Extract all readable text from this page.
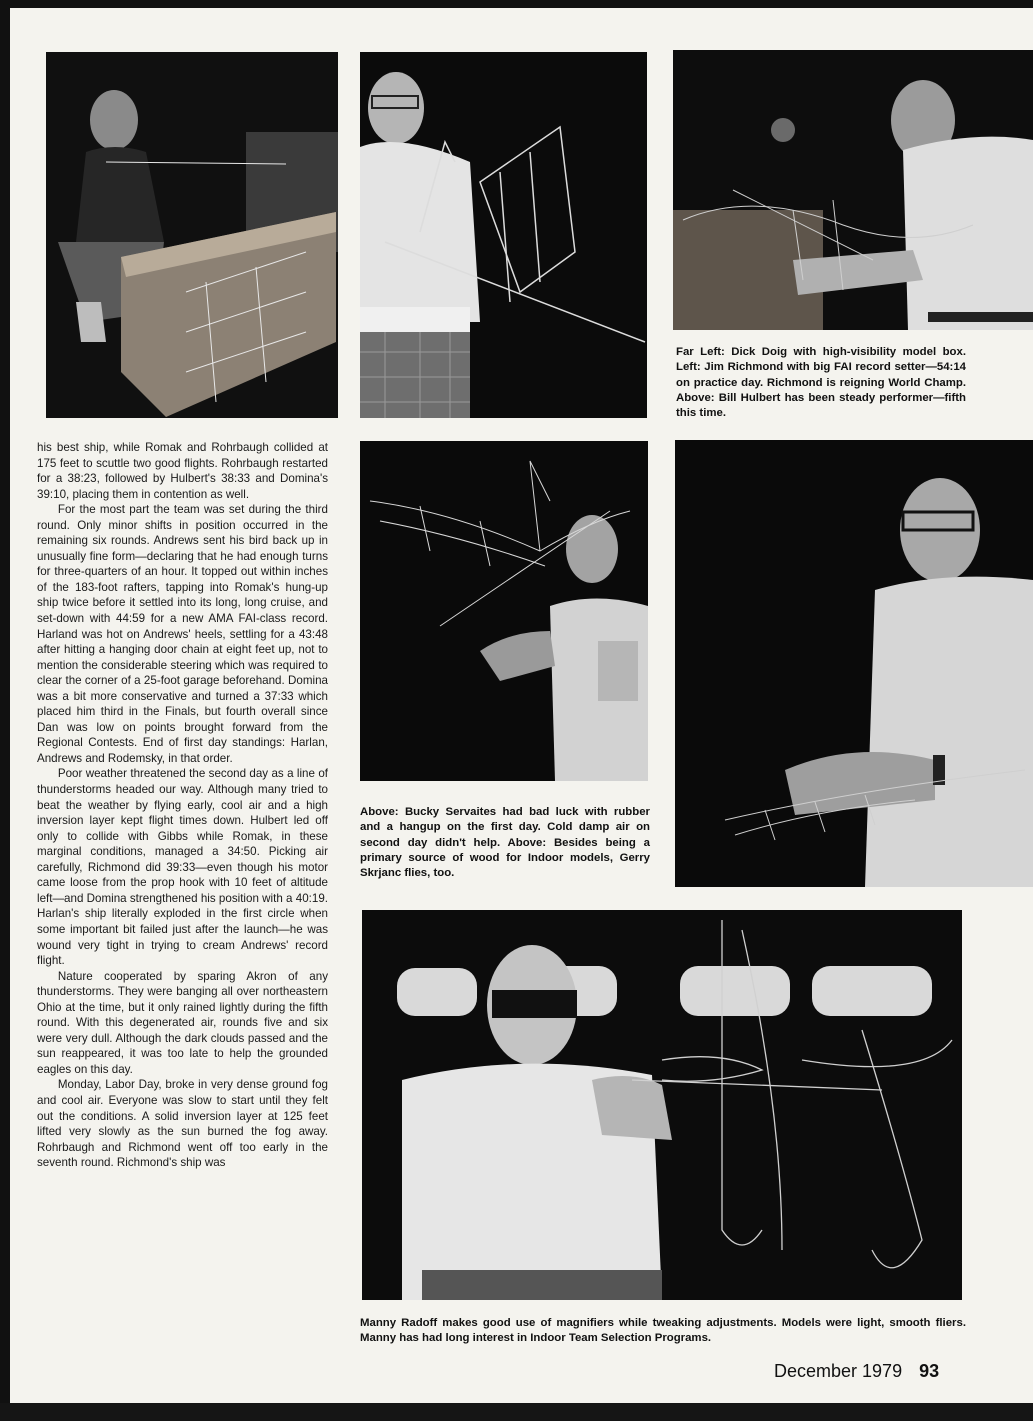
Far Left: Dick Doig with high-visibility model box. Left: Jim Richmond with big FAI record setter—54:14 on practice day. Richmond is reigning World Champ. Above: Bill Hulbert has been steady performer—fifth this time.
Above: Bucky Servaites had bad luck with rubber and a hangup on the first day. Cold damp air on second day didn't help. Above: Besides being a primary source of wood for Indoor models, Gerry Skrjanc flies, too.
Manny Radoff makes good use of magnifiers while tweaking adjustments. Models were light, smooth fliers. Manny has had long interest in Indoor Team Selection Programs.

his best ship, while Romak and Rohrbaugh collided at 175 feet to scuttle two good flights. Rohrbaugh restarted for a 38:23, followed by Hulbert's 38:33 and Domina's 39:10, placing them in contention as well.

For the most part the team was set during the third round. Only minor shifts in position occurred in the remaining six rounds. Andrews sent his bird back up in unusually fine form—declaring that he had enough turns for three-quarters of an hour. It topped out within inches of the 183-foot rafters, tapping into Romak's hung-up ship twice before it settled into its long, long cruise, and set-down with 44:59 for a new AMA FAI-class record. Harland was hot on Andrews' heels, settling for a 43:48 after hitting a hanging door chain at eight feet up, not to mention the considerable steering which was required to clear the corner of a 25-foot garage beforehand. Domina was a bit more conservative and turned a 37:33 which placed him third in the Finals, but fourth overall since Dan was low on points brought forward from the Regional Contests. End of first day standings: Harlan, Andrews and Rodemsky, in that order.

Poor weather threatened the second day as a line of thunderstorms headed our way. Although many tried to beat the weather by flying early, cool air and a high inversion layer kept flight times down. Hulbert led off only to collide with Gibbs while Romak, in these marginal conditions, managed a 34:50. Picking air carefully, Richmond did 39:33—even though his motor came loose from the prop hook with 10 feet of altitude left—and Domina strengthened his position with a 40:19. Harlan's ship literally exploded in the first circle when some important bit failed just after the launch—he was wound very tight in trying to cream Andrews' record flight.

Nature cooperated by sparing Akron of any thunderstorms. They were banging all over northeastern Ohio at the time, but it only rained lightly during the fifth round. With this degenerated air, rounds five and six were very dull. Although the dark clouds passed and the sun reappeared, it was too late to help the grounded eagles on this day.

Monday, Labor Day, broke in very dense ground fog and cool air. Everyone was slow to start until they felt out the conditions. A solid inversion layer at 125 feet lifted very slowly as the sun burned the fog away. Rohrbaugh and Richmond went off too early in the seventh round. Richmond's ship was

December 1979 93
